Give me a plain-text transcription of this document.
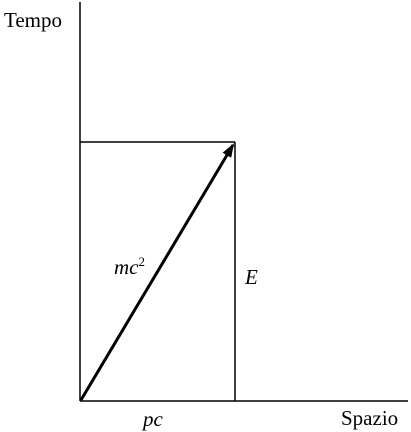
Tempo
Spazio
$mc^2$
E
pc
